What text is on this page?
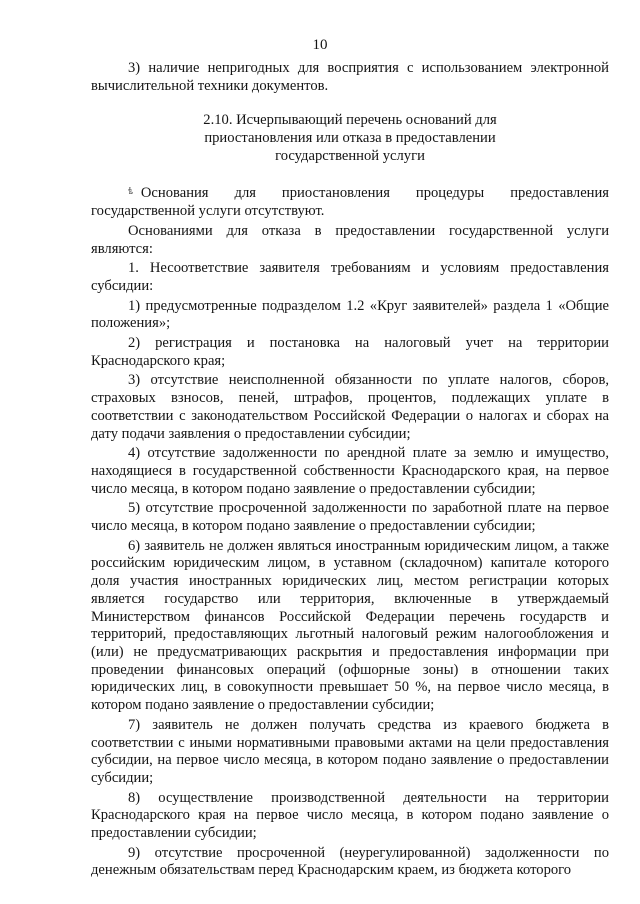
10

3) наличие непригодных для восприятия с использованием электронной вычислительной техники документов.

2.10. Исчерпывающий перечень оснований для
приостановления или отказа в предоставлении
государственной услуги

ѣ Основания для приостановления процедуры предоставления государственной услуги отсутствуют.

Основаниями для отказа в предоставлении государственной услуги являются:

1. Несоответствие заявителя требованиям и условиям предоставления субсидии:

1) предусмотренные подразделом 1.2 «Круг заявителей» раздела 1 «Общие положения»;

2) регистрация и постановка на налоговый учет на территории Краснодарского края;

3) отсутствие неисполненной обязанности по уплате налогов, сборов, страховых взносов, пеней, штрафов, процентов, подлежащих уплате в соответствии с законодательством Российской Федерации о налогах и сборах на дату подачи заявления о предоставлении субсидии;

4) отсутствие задолженности по арендной плате за землю и имущество, находящиеся в государственной собственности Краснодарского края, на первое число месяца, в котором подано заявление о предоставлении субсидии;

5) отсутствие просроченной задолженности по заработной плате на первое число месяца, в котором подано заявление о предоставлении субсидии;

6) заявитель не должен являться иностранным юридическим лицом, а также российским юридическим лицом, в уставном (складочном) капитале которого доля участия иностранных юридических лиц, местом регистрации которых является государство или территория, включенные в утверждаемый Министерством финансов Российской Федерации перечень государств и территорий, предоставляющих льготный налоговый режим налогообложения и (или) не предусматривающих раскрытия и предоставления информации при проведении финансовых операций (офшорные зоны) в отношении таких юридических лиц, в совокупности превышает 50 %, на первое число месяца, в котором подано заявление о предоставлении субсидии;

7) заявитель не должен получать средства из краевого бюджета в соответствии с иными нормативными правовыми актами на цели предоставления субсидии, на первое число месяца, в котором подано заявление о предоставлении субсидии;

8) осуществление производственной деятельности на территории Краснодарского края на первое число месяца, в котором подано заявление о предоставлении субсидии;

9) отсутствие просроченной (неурегулированной) задолженности по денежным обязательствам перед Краснодарским краем, из бюджета которого
